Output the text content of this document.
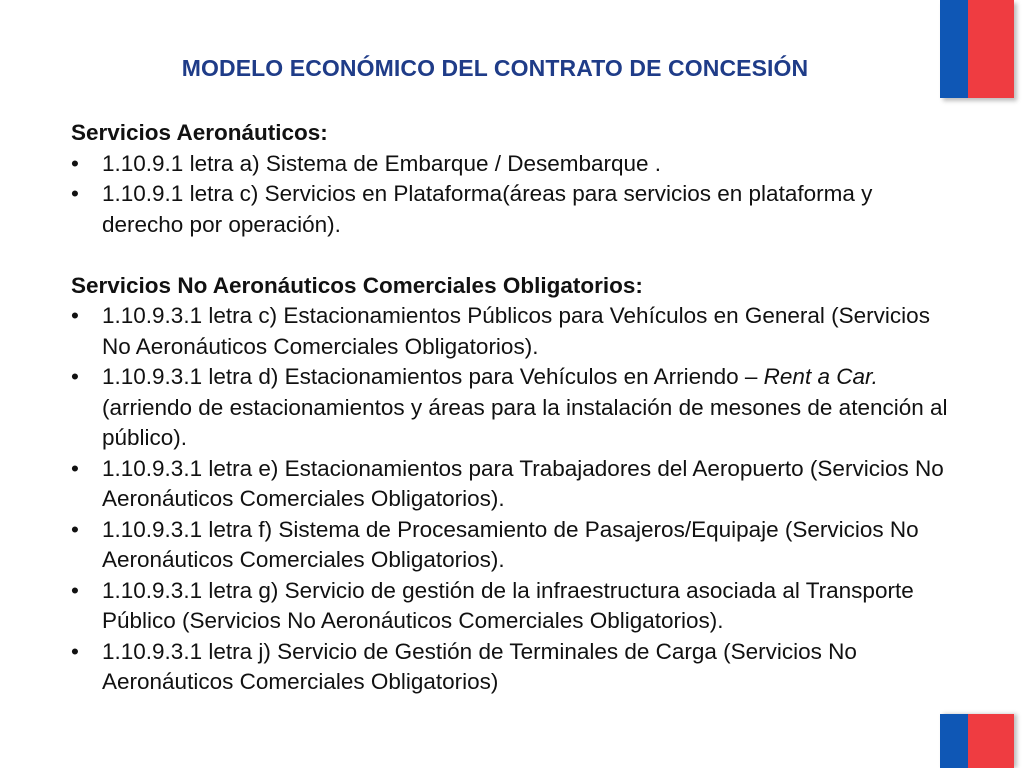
MODELO ECONÓMICO DEL CONTRATO DE CONCESIÓN

Servicios Aeronáuticos:

• 1.10.9.1 letra a) Sistema de Embarque / Desembarque .
• 1.10.9.1 letra c) Servicios en Plataforma(áreas para servicios en plataforma y derecho por operación).

Servicios No Aeronáuticos Comerciales Obligatorios:

• 1.10.9.3.1 letra c) Estacionamientos Públicos para Vehículos en General (Servicios No Aeronáuticos Comerciales Obligatorios).
• 1.10.9.3.1 letra d) Estacionamientos para Vehículos en Arriendo – Rent a Car. (arriendo de estacionamientos y áreas para la instalación de mesones de atención al público).
• 1.10.9.3.1 letra e) Estacionamientos para Trabajadores del Aeropuerto (Servicios No Aeronáuticos Comerciales Obligatorios).
• 1.10.9.3.1 letra f) Sistema de Procesamiento de Pasajeros/Equipaje (Servicios No Aeronáuticos Comerciales Obligatorios).
• 1.10.9.3.1 letra g) Servicio de gestión de la infraestructura asociada al Transporte Público (Servicios No Aeronáuticos Comerciales Obligatorios).
• 1.10.9.3.1 letra j) Servicio de Gestión de Terminales de Carga (Servicios No Aeronáuticos Comerciales Obligatorios)
